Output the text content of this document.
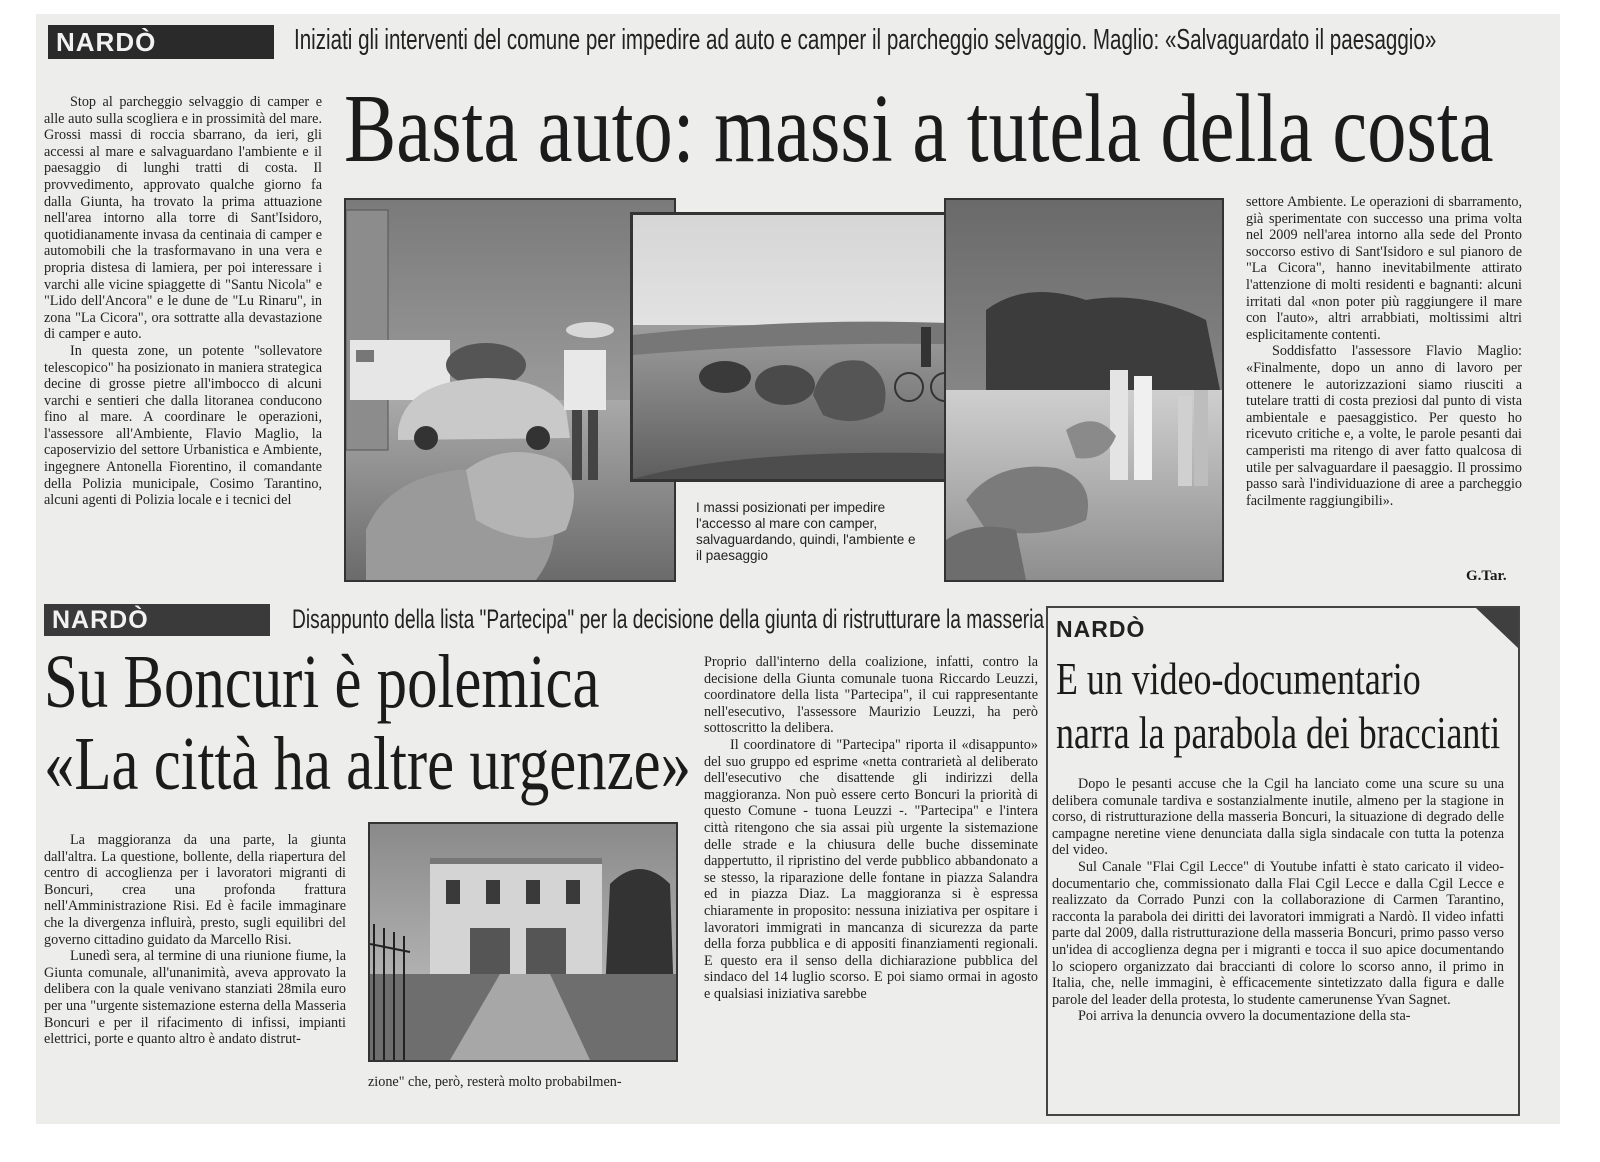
NARDÒ	Iniziati gli interventi del comune per impedire ad auto e camper il parcheggio selvaggio. Maglio: «Salvaguardato il paesaggio»
Basta auto: massi a tutela della costa

Stop al parcheggio selvaggio di camper e alle auto sulla scogliera e in prossimità del mare. Grossi massi di roccia sbarrano, da ieri, gli accessi al mare e salvaguardano l'ambiente e il paesaggio di lunghi tratti di costa. Il provvedimento, approvato qualche giorno fa dalla Giunta, ha trovato la prima attuazione nell'area intorno alla torre di Sant'Isidoro, quotidianamente invasa da centinaia di camper e automobili che la trasformavano in una vera e propria distesa di lamiera, per poi interessare i varchi alle vicine spiaggette di "Santu Nicola" e "Lido dell'Ancora" e le dune de "Lu Rinaru", in zona "La Cicora", ora sottratte alla devastazione di camper e auto.

In questa zone, un potente "sollevatore telescopico" ha posizionato in maniera strategica decine di grosse pietre all'imbocco di alcuni varchi e sentieri che dalla litoranea conducono fino al mare. A coordinare le operazioni, l'assessore all'Ambiente, Flavio Maglio, la caposervizio del settore Urbanistica e Ambiente, ingegnere Antonella Fiorentino, il comandante della Polizia municipale, Cosimo Tarantino, alcuni agenti di Polizia locale e i tecnici del	I massi posizionati per impedire l'accesso al mare con camper, salvaguardando, quindi, l'ambiente e il paesaggio

settore Ambiente. Le operazioni di sbarramento, già sperimentate con successo una prima volta nel 2009 nell'area intorno alla sede del Pronto soccorso estivo di Sant'Isidoro e sul pianoro de "La Cicora", hanno inevitabilmente attirato l'attenzione di molti residenti e bagnanti: alcuni irritati dal «non poter più raggiungere il mare con l'auto», altri arrabbiati, moltissimi altri esplicitamente contenti.

Soddisfatto l'assessore Flavio Maglio: «Finalmente, dopo un anno di lavoro per ottenere le autorizzazioni siamo riusciti a tutelare tratti di costa preziosi dal punto di vista ambientale e paesaggistico. Per questo ho ricevuto critiche e, a volte, le parole pesanti dai camperisti ma ritengo di aver fatto qualcosa di utile per salvaguardare il paesaggio. Il prossimo passo sarà l'individuazione di aree a parcheggio facilmente raggiungibili».

G.Tar.
NARDÒ	Disappunto della lista "Partecipa" per la decisione della giunta di ristrutturare la masseria
Su Boncuri è polemica
«La città ha altre urgenze»

La maggioranza da una parte, la giunta dall'altra. La questione, bollente, della riapertura del centro di accoglienza per i lavoratori migranti di Boncuri, crea una profonda frattura nell'Amministrazione Risi. Ed è facile immaginare che la divergenza influirà, presto, sugli equilibri del governo cittadino guidato da Marcello Risi.

Lunedì sera, al termine di una riunione fiume, la Giunta comunale, all'unanimità, aveva approvato la delibera con la quale venivano stanziati 28mila euro per una "urgente sistemazione esterna della Masseria Boncuri e per il rifacimento di infissi, impianti elettrici, porte e quanto altro è andato distrut-

zione" che, però, resterà molto probabilmen-

Proprio dall'interno della coalizione, infatti, contro la decisione della Giunta comunale tuona Riccardo Leuzzi, coordinatore della lista "Partecipa", il cui rappresentante nell'esecutivo, l'assessore Maurizio Leuzzi, ha però sottoscritto la delibera.

Il coordinatore di "Partecipa" riporta il «disappunto» del suo gruppo ed esprime «netta contrarietà al deliberato dell'esecutivo che disattende gli indirizzi della maggioranza. Non può essere certo Boncuri la priorità di questo Comune - tuona Leuzzi -. "Partecipa" e l'intera città ritengono che sia assai più urgente la sistemazione delle strade e la chiusura delle buche disseminate dappertutto, il ripristino del verde pubblico abbandonato a se stesso, la riparazione delle fontane in piazza Salandra ed in piazza Diaz. La maggioranza si è espressa chiaramente in proposito: nessuna iniziativa per ospitare i lavoratori immigrati in mancanza di sicurezza da parte della forza pubblica e di appositi finanziamenti regionali. E questo era il senso della dichiarazione pubblica del sindaco del 14 luglio scorso. E poi siamo ormai in agosto e qualsiasi iniziativa sarebbe

NARDÒ
E un video-documentario
narra la parabola dei braccianti

Dopo le pesanti accuse che la Cgil ha lanciato come una scure su una delibera comunale tardiva e sostanzialmente inutile, almeno per la stagione in corso, di ristrutturazione della masseria Boncuri, la situazione di degrado delle campagne neretine viene denunciata dalla sigla sindacale con tutta la potenza del video.

Sul Canale "Flai Cgil Lecce" di Youtube infatti è stato caricato il video-documentario che, commissionato dalla Flai Cgil Lecce e dalla Cgil Lecce e realizzato da Corrado Punzi con la collaborazione di Carmen Tarantino, racconta la parabola dei diritti dei lavoratori immigrati a Nardò. Il video infatti parte dal 2009, dalla ristrutturazione della masseria Boncuri, primo passo verso un'idea di accoglienza degna per i migranti e tocca il suo apice documentando lo sciopero organizzato dai braccianti di colore lo scorso anno, il primo in Italia, che, nelle immagini, è efficacemente sintetizzato dalla figura e dalle parole del leader della protesta, lo studente camerunense Yvan Sagnet.

Poi arriva la denuncia ovvero la documentazione della sta-
